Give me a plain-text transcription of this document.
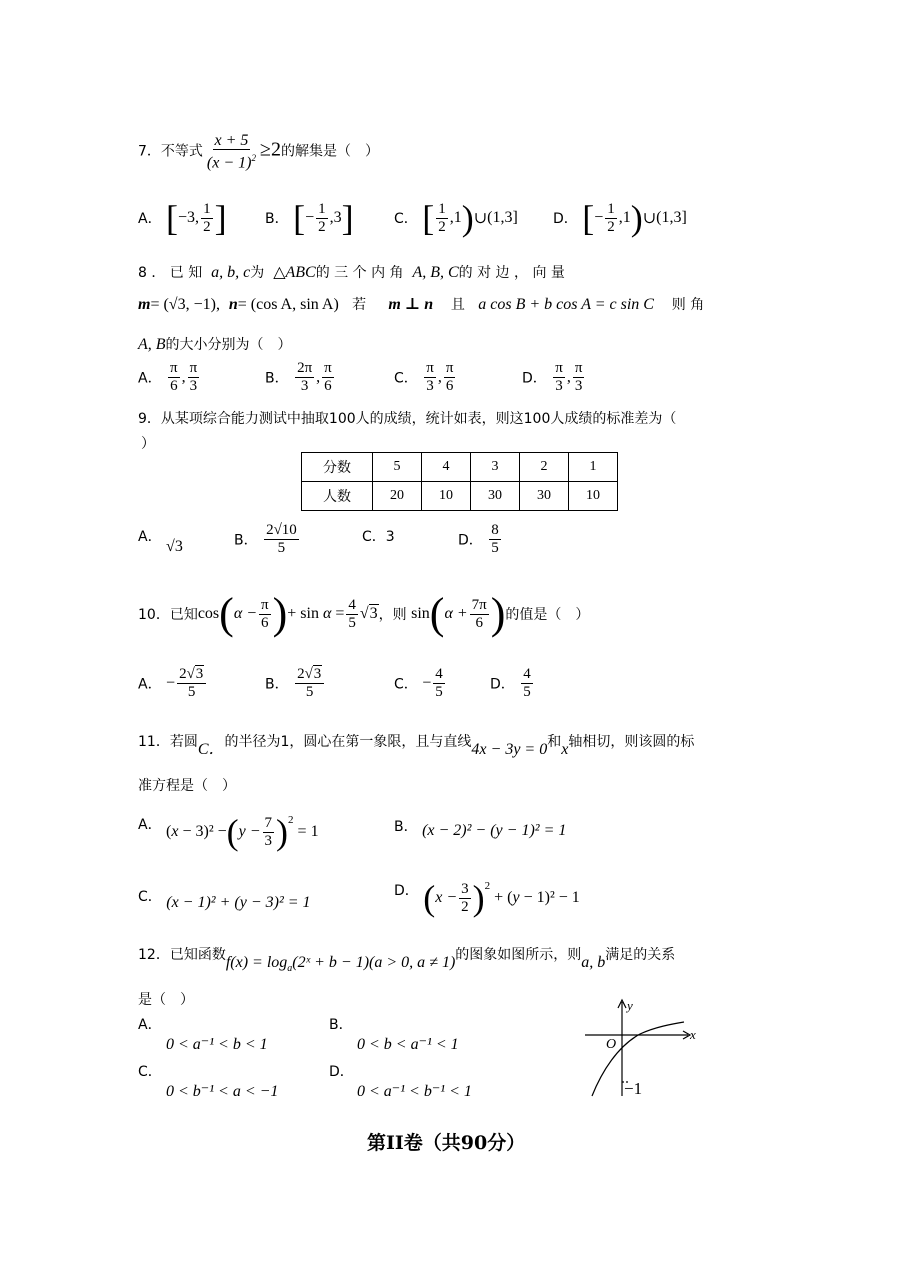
7．不等式 $\frac{x + 5}{(x - 1)^2} \ge 2$的解集是（　）
A． [−3, $\frac{1}{2}$ ]	B． [− $\frac{1}{2} ,3$]	C． [ $\frac{1}{2}$ ,1)∪(1,3]	D． [− $\frac{1}{2}$ ,1)∪(1,3]
8 ． 已 知 a, b, c为 △ABC的 三 个 内 角 A, B, C的 对 边 ， 向 量
m= (√3, −1), n= (cos A, sin A) 若 m ⊥ n 且 a cos B + b cos A = c sin C 则 角
A, B的大小分别为（　）
A． $\frac{\pi}{6}$ , $\frac{\pi}{3}$	B． $\frac{2\pi}{3}$ , $\frac{\pi}{6}$	C． $\frac{\pi}{3}$ , $\frac{\pi}{6}$	D． $\frac{\pi}{3}$ , $\frac{\pi}{3}$
9．从某项综合能力测试中抽取100人的成绩，统计如表，则这100人成绩的标准差为（
）
分数	5	4	3	2	1
人数	20	10	30	30	10
A． √3	B． $\frac{2√10}{5}$	C．3	D． $\frac{8}{5}$
10．已知$\cos(\alpha - \frac{\pi}{6}$ )+ $\sin \alpha = \frac{4}{5} √3$，则 $\sin(\alpha + \frac{7\pi}{6}$ )的值是（　）
A． − $\frac{2√3}{5}$	B． $\frac{2√3}{5}$	C． − $\frac{4}{5}$	D． $\frac{4}{5}$
11．若圆C．的半径为1，圆心在第一象限，且与直线4x − 3y = 0和x轴相切，则该圆的标
准方程是（　）
A． $(x - 3)^2 -(y - \frac{7}{3} )^2 = 1$	B． (x − 2)² − (y − 1)² = 1
C． (x − 1)² + (y − 3)² = 1
D． $(x - \frac{3}{2} )^2 + (y - 1)^2 - 1$
12．已知函数$f(x) = \log_a(2ˣ + b - 1)(a > 0$, a ≠ 1)的图象如图所示，则a, b满足的关系
是（　）
A．
0 < a⁻¹ < b < 1
B．
0 < b < a⁻¹ < 1
C．
0 < b⁻¹ < a < −1
D．
0 < a⁻¹ < b⁻¹ < 1
y
x
O
−1
第II卷（共90分）
